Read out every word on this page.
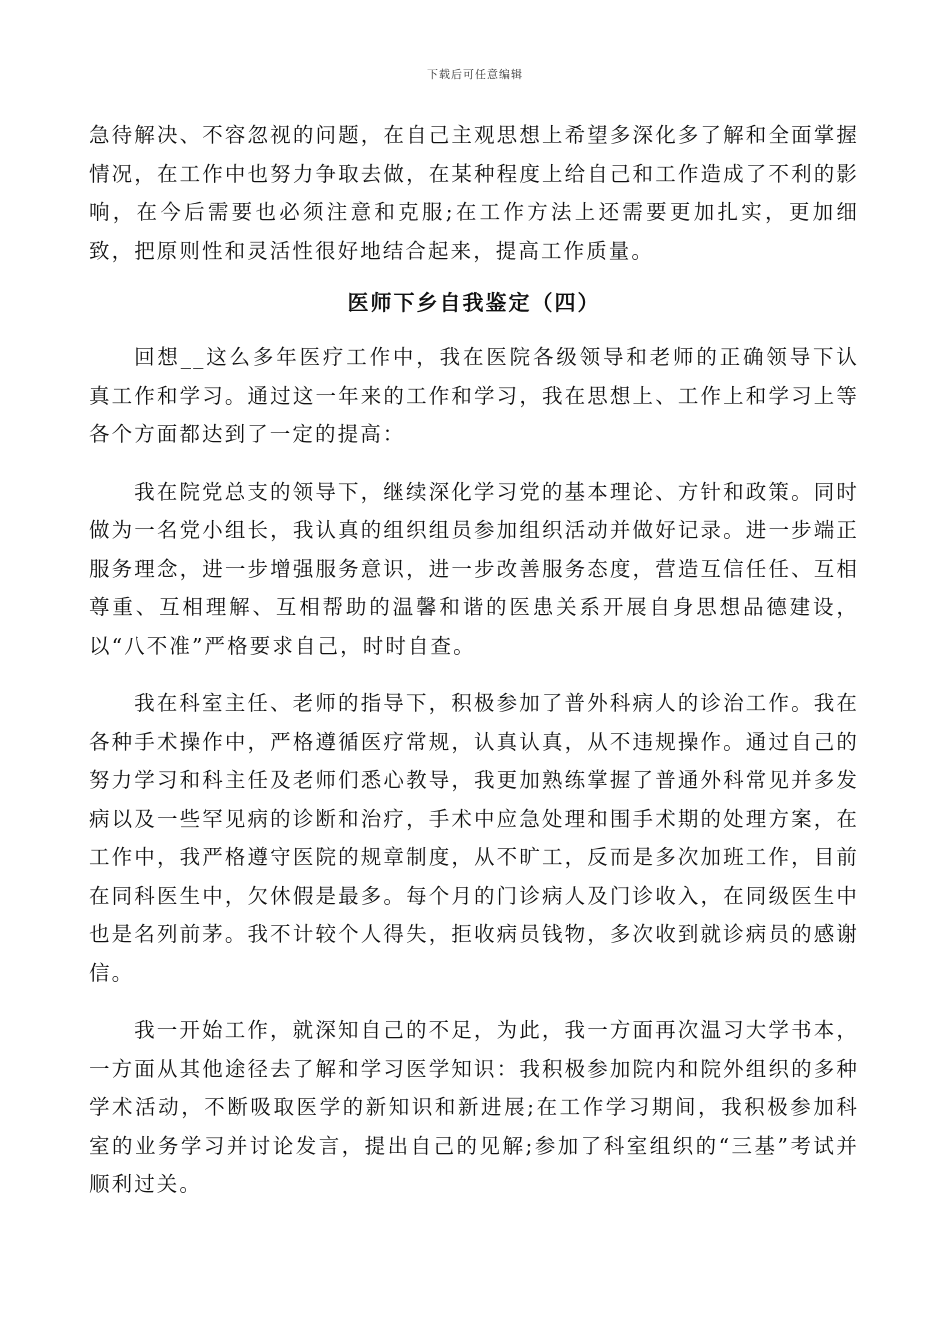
下载后可任意编辑

急待解决、不容忽视的问题，在自己主观思想上希望多深化多了解和全面掌握情况，在工作中也努力争取去做，在某种程度上给自己和工作造成了不利的影响，在今后需要也必须注意和克服;在工作方法上还需要更加扎实，更加细致，把原则性和灵活性很好地结合起来，提高工作质量。

医师下乡自我鉴定（四）

回想__这么多年医疗工作中，我在医院各级领导和老师的正确领导下认真工作和学习。通过这一年来的工作和学习，我在思想上、工作上和学习上等各个方面都达到了一定的提高：

我在院党总支的领导下，继续深化学习党的基本理论、方针和政策。同时做为一名党小组长，我认真的组织组员参加组织活动并做好记录。进一步端正服务理念，进一步增强服务意识，进一步改善服务态度，营造互信任任、互相尊重、互相理解、互相帮助的温馨和谐的医患关系开展自身思想品德建设，以“八不准”严格要求自己，时时自查。

我在科室主任、老师的指导下，积极参加了普外科病人的诊治工作。我在各种手术操作中，严格遵循医疗常规，认真认真，从不违规操作。通过自己的努力学习和科主任及老师们悉心教导，我更加熟练掌握了普通外科常见并多发病以及一些罕见病的诊断和治疗，手术中应急处理和围手术期的处理方案，在工作中，我严格遵守医院的规章制度，从不旷工，反而是多次加班工作，目前在同科医生中，欠休假是最多。每个月的门诊病人及门诊收入，在同级医生中也是名列前茅。我不计较个人得失，拒收病员钱物，多次收到就诊病员的感谢信。

我一开始工作，就深知自己的不足，为此，我一方面再次温习大学书本，一方面从其他途径去了解和学习医学知识：我积极参加院内和院外组织的多种学术活动，不断吸取医学的新知识和新进展;在工作学习期间，我积极参加科室的业务学习并讨论发言，提出自己的见解;参加了科室组织的“三基”考试并顺利过关。
